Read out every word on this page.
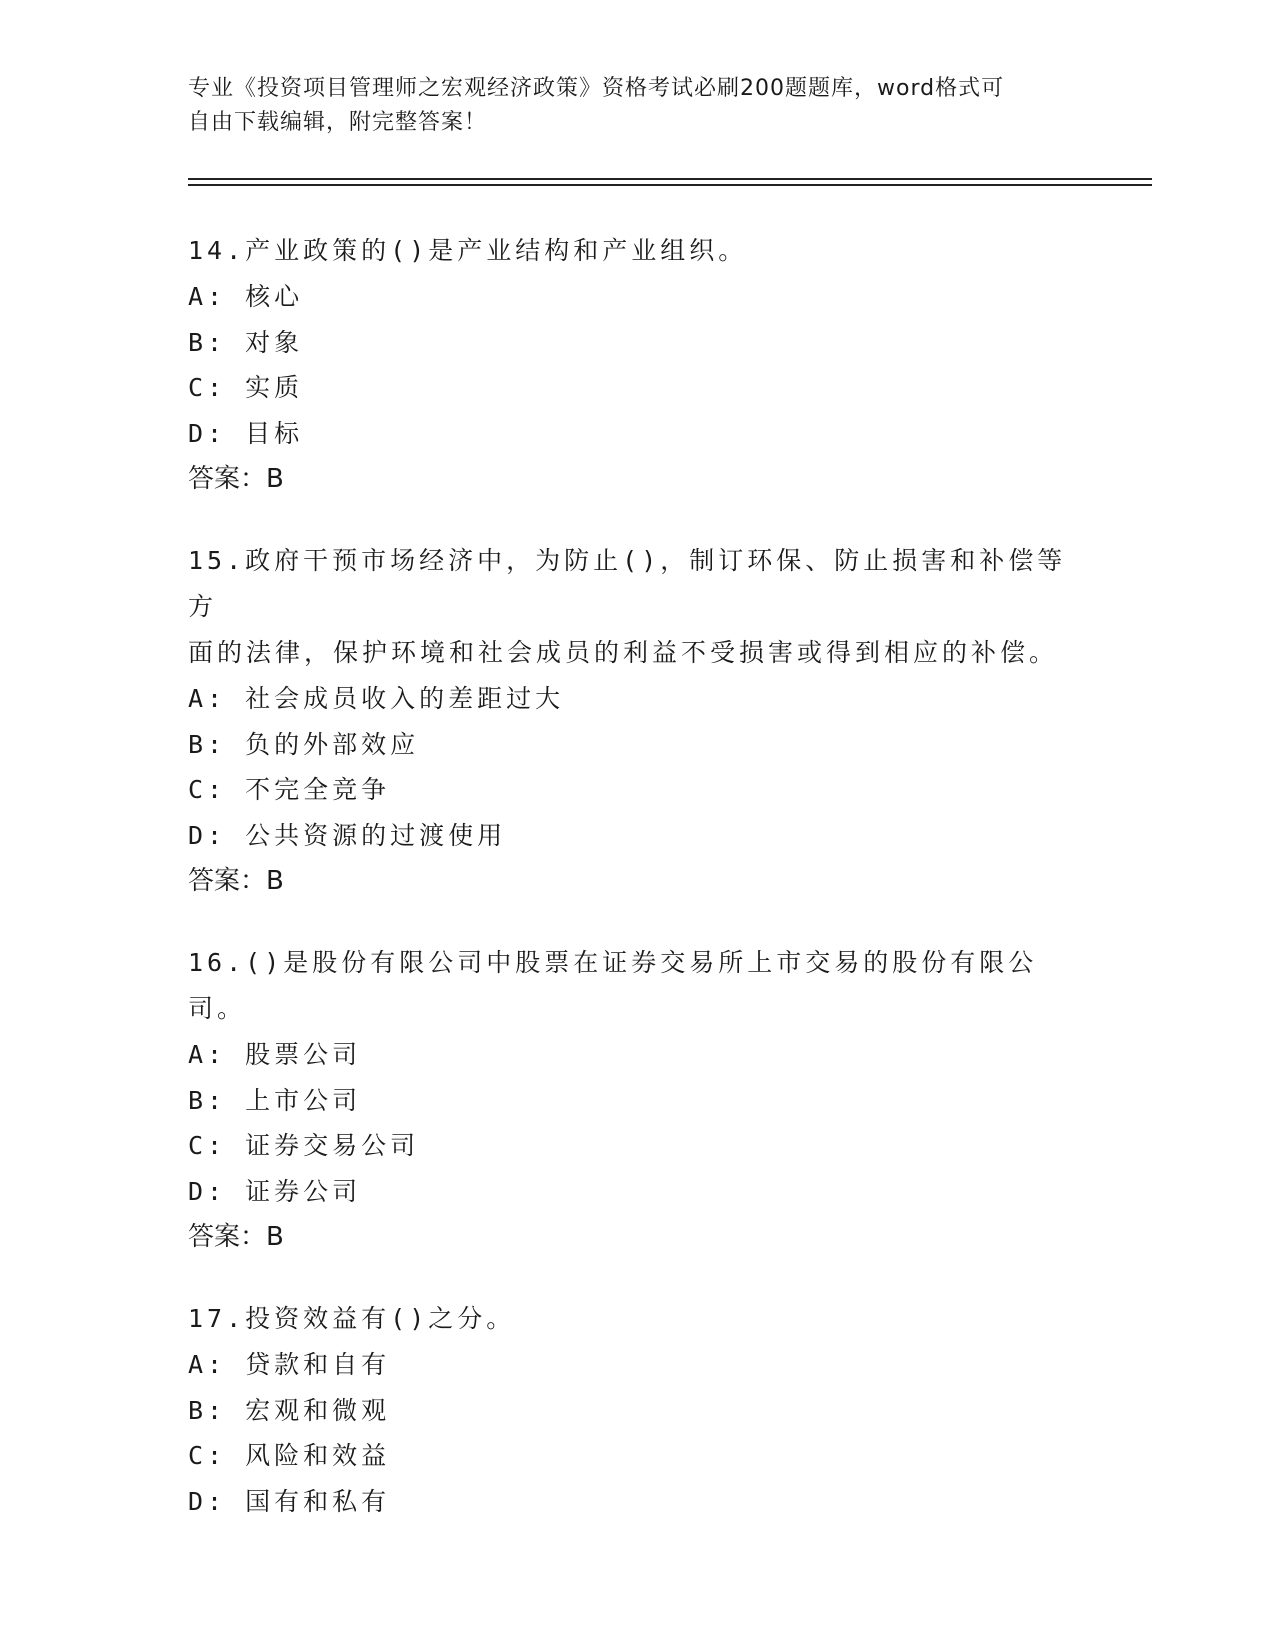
专业《投资项目管理师之宏观经济政策》资格考试必刷200题题库，word格式可
自由下载编辑，附完整答案！
14.产业政策的()是产业结构和产业组织。
A: 核心
B: 对象
C: 实质
D: 目标
答案：B
15.政府干预市场经济中，为防止()，制订环保、防止损害和补偿等方
面的法律，保护环境和社会成员的利益不受损害或得到相应的补偿。
A: 社会成员收入的差距过大
B: 负的外部效应
C: 不完全竞争
D: 公共资源的过渡使用
答案：B
16.()是股份有限公司中股票在证券交易所上市交易的股份有限公司。
A: 股票公司
B: 上市公司
C: 证券交易公司
D: 证券公司
答案：B
17.投资效益有()之分。
A: 贷款和自有
B: 宏观和微观
C: 风险和效益
D: 国有和私有
